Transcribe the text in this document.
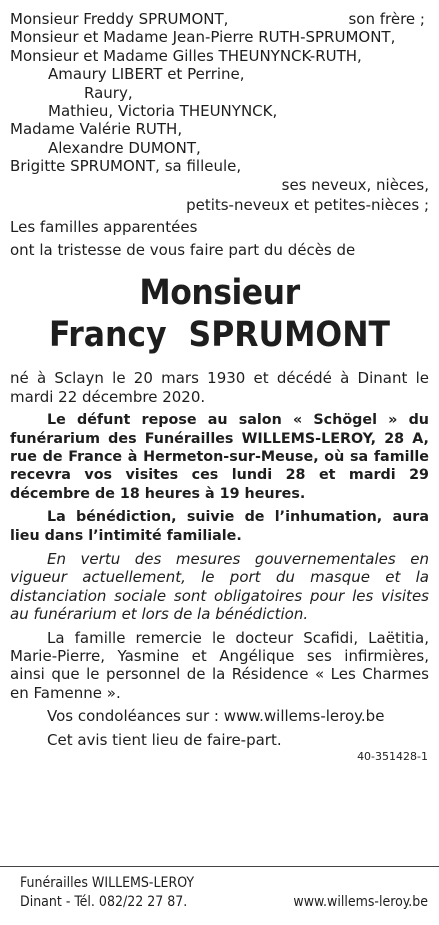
Monsieur Freddy SPRUMONT,	son frère ;
Monsieur et Madame Jean-Pierre RUTH-SPRUMONT,
Monsieur et Madame Gilles THEUNYNCK-RUTH,
Amaury LIBERT et Perrine,
Raury,
Mathieu, Victoria THEUNYNCK,
Madame Valérie RUTH,
Alexandre DUMONT,
Brigitte SPRUMONT, sa filleule,
ses neveux, nièces,
petits-neveux et petites-nièces ;
Les familles apparentées
ont la tristesse de vous faire part du décès de
Monsieur
Francy  SPRUMONT
né à Sclayn le 20 mars 1930 et décédé à Dinant le mardi 22 décembre 2020.
Le défunt repose au salon « Schögel » du funérarium des Funérailles WILLEMS-LEROY, 28 A, rue de France à Hermeton-sur-Meuse, où sa famille recevra vos visites ces lundi 28 et mardi 29 décembre de 18 heures à 19 heures.
La bénédiction, suivie de l’inhumation, aura lieu dans l’intimité familiale.
En vertu des mesures gouvernementales en vigueur actuellement, le port du masque et la distanciation sociale sont obligatoires pour les visites au funérarium et lors de la bénédiction.
La famille remercie le docteur Scafidi, Laëtitia, Marie-Pierre, Yasmine et Angélique ses infirmières, ainsi que le personnel de la Résidence « Les Charmes en Famenne ».
Vos condoléances sur : www.willems-leroy.be
Cet avis tient lieu de faire-part.
40-351428-1
Funérailles WILLEMS-LEROY
Dinant - Tél. 082/22 27 87.	www.willems-leroy.be
